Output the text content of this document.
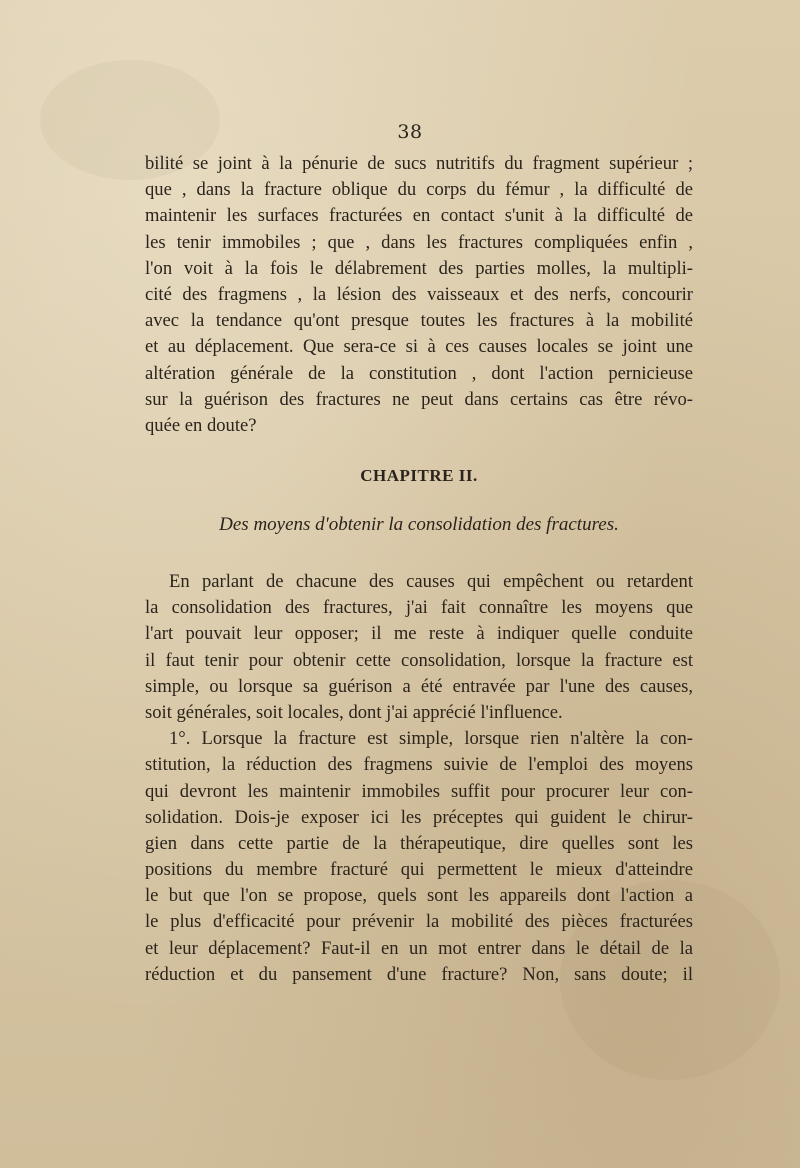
38
bilité se joint à la pénurie de sucs nutritifs du fragment supérieur ;
que , dans la fracture oblique du corps du fémur , la difficulté de
maintenir les surfaces fracturées en contact s'unit à la difficulté de
les tenir immobiles ; que , dans les fractures compliquées enfin ,
l'on voit à la fois le délabrement des parties molles, la multipli-
cité des fragmens , la lésion des vaisseaux et des nerfs, concourir
avec la tendance qu'ont presque toutes les fractures à la mobilité
et au déplacement. Que sera-ce si à ces causes locales se joint une
altération générale de la constitution , dont l'action pernicieuse
sur la guérison des fractures ne peut dans certains cas être révo-
quée en doute?
CHAPITRE II.
Des moyens d'obtenir la consolidation des fractures.
En parlant de chacune des causes qui empêchent ou retardent
la consolidation des fractures, j'ai fait connaître les moyens que
l'art pouvait leur opposer; il me reste à indiquer quelle conduite
il faut tenir pour obtenir cette consolidation, lorsque la fracture est
simple, ou lorsque sa guérison a été entravée par l'une des causes,
soit générales, soit locales, dont j'ai apprécié l'influence.
1°. Lorsque la fracture est simple, lorsque rien n'altère la con-
stitution, la réduction des fragmens suivie de l'emploi des moyens
qui devront les maintenir immobiles suffit pour procurer leur con-
solidation. Dois-je exposer ici les préceptes qui guident le chirur-
gien dans cette partie de la thérapeutique, dire quelles sont les
positions du membre fracturé qui permettent le mieux d'atteindre
le but que l'on se propose, quels sont les appareils dont l'action a
le plus d'efficacité pour prévenir la mobilité des pièces fracturées
et leur déplacement? Faut-il en un mot entrer dans le détail de la
réduction et du pansement d'une fracture? Non, sans doute; il
